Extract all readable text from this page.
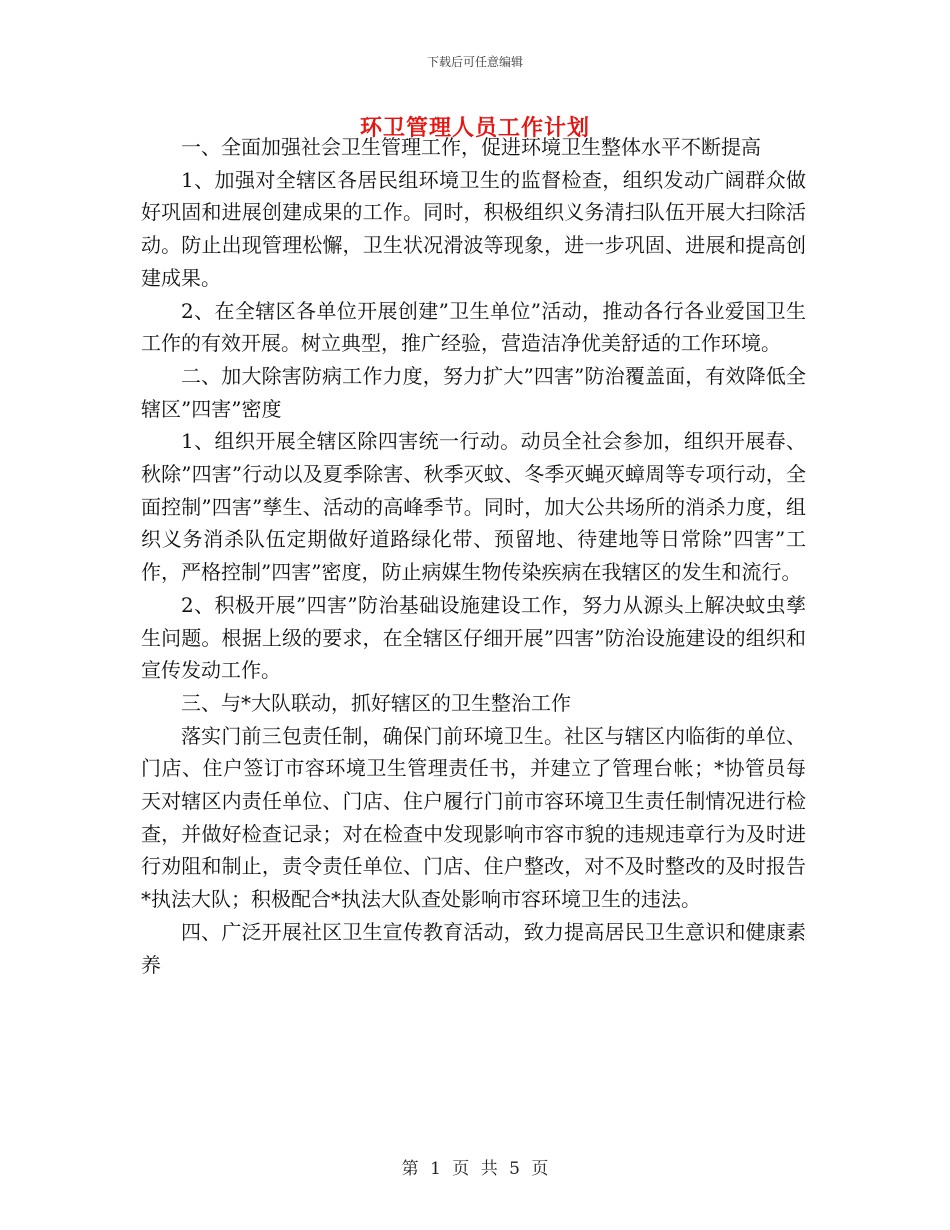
下载后可任意编辑
环卫管理人员工作计划

一、全面加强社会卫生管理工作，促进环境卫生整体水平不断提高

1、加强对全辖区各居民组环境卫生的监督检查，组织发动广阔群众做好巩固和进展创建成果的工作。同时，积极组织义务清扫队伍开展大扫除活动。防止出现管理松懈，卫生状况滑波等现象，进一步巩固、进展和提高创建成果。

2、在全辖区各单位开展创建”卫生单位”活动，推动各行各业爱国卫生工作的有效开展。树立典型，推广经验，营造洁净优美舒适的工作环境。

二、加大除害防病工作力度，努力扩大”四害”防治覆盖面，有效降低全辖区”四害”密度

1、组织开展全辖区除四害统一行动。动员全社会参加，组织开展春、秋除”四害”行动以及夏季除害、秋季灭蚊、冬季灭蝇灭蟑周等专项行动，全面控制”四害”孳生、活动的高峰季节。同时，加大公共场所的消杀力度，组织义务消杀队伍定期做好道路绿化带、预留地、待建地等日常除”四害”工作，严格控制”四害”密度，防止病媒生物传染疾病在我辖区的发生和流行。

2、积极开展”四害”防治基础设施建设工作，努力从源头上解决蚊虫孳生问题。根据上级的要求，在全辖区仔细开展”四害”防治设施建设的组织和宣传发动工作。

三、与*大队联动，抓好辖区的卫生整治工作

落实门前三包责任制，确保门前环境卫生。社区与辖区内临街的单位、门店、住户签订市容环境卫生管理责任书，并建立了管理台帐；*协管员每天对辖区内责任单位、门店、住户履行门前市容环境卫生责任制情况进行检查，并做好检查记录；对在检查中发现影响市容市貌的违规违章行为及时进行劝阻和制止，责令责任单位、门店、住户整改，对不及时整改的及时报告*执法大队；积极配合*执法大队查处影响市容环境卫生的违法。

四、广泛开展社区卫生宣传教育活动，致力提高居民卫生意识和健康素养

第 1 页 共 5 页
